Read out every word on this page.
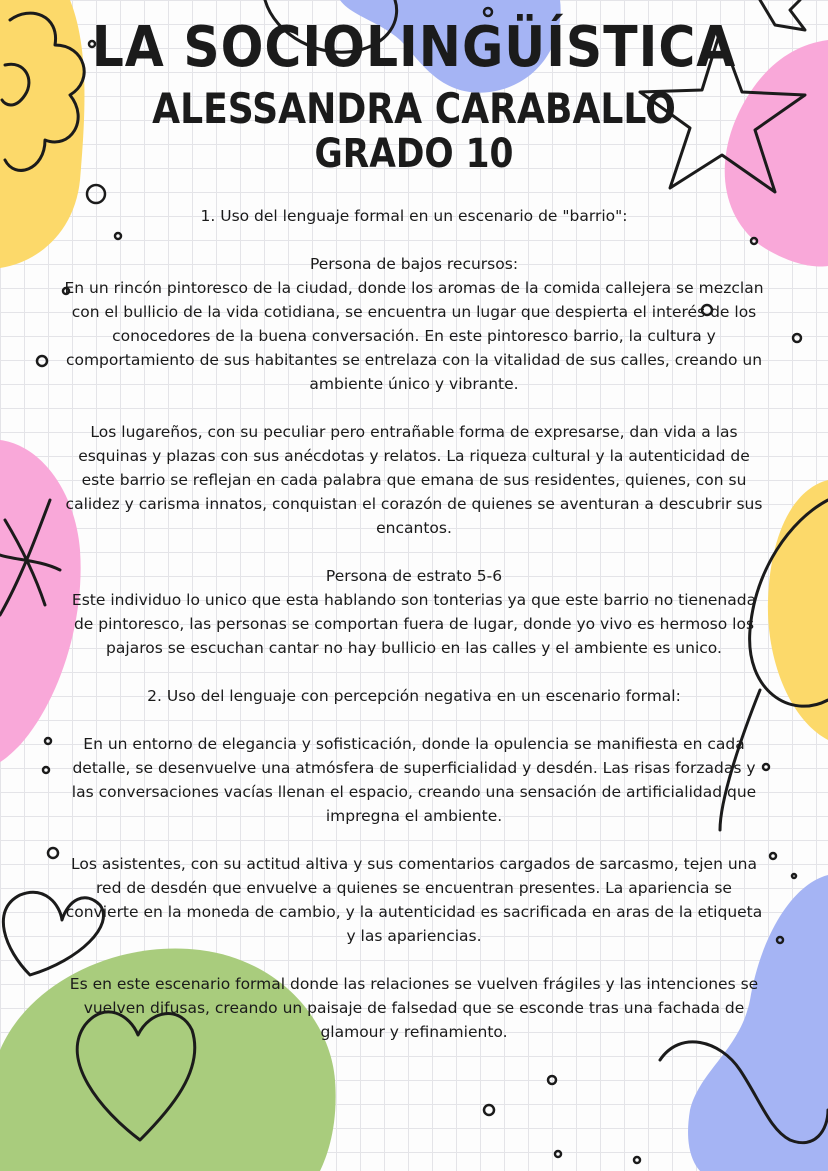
LA SOCIOLINGÜÍSTICA
ALESSANDRA CARABALLO
GRADO 10

1. Uso del lenguaje formal en un escenario de "barrio":

Persona de bajos recursos:

En un rincón pintoresco de la ciudad, donde los aromas de la comida callejera se mezclan con el bullicio de la vida cotidiana, se encuentra un lugar que despierta el interés de los conocedores de la buena conversación. En este pintoresco barrio, la cultura y comportamiento de sus habitantes se entrelaza con la vitalidad de sus calles, creando un ambiente único y vibrante.

Los lugareños, con su peculiar pero entrañable forma de expresarse, dan vida a las esquinas y plazas con sus anécdotas y relatos. La riqueza cultural y la autenticidad de este barrio se reflejan en cada palabra que emana de sus residentes, quienes, con su calidez y carisma innatos, conquistan el corazón de quienes se aventuran a descubrir sus encantos.

Persona de estrato 5-6

Este individuo lo unico que esta hablando son tonterias ya que este barrio no tienenada de pintoresco, las personas se comportan fuera de lugar, donde yo vivo es hermoso los pajaros se escuchan cantar no hay bullicio en las calles y el ambiente es unico.

2. Uso del lenguaje con percepción negativa en un escenario formal:

En un entorno de elegancia y sofisticación, donde la opulencia se manifiesta en cada detalle, se desenvuelve una atmósfera de superficialidad y desdén. Las risas forzadas y las conversaciones vacías llenan el espacio, creando una sensación de artificialidad que impregna el ambiente.

Los asistentes, con su actitud altiva y sus comentarios cargados de sarcasmo, tejen una red de desdén que envuelve a quienes se encuentran presentes. La apariencia se convierte en la moneda de cambio, y la autenticidad es sacrificada en aras de la etiqueta y las apariencias.

Es en este escenario formal donde las relaciones se vuelven frágiles y las intenciones se vuelven difusas, creando un paisaje de falsedad que se esconde tras una fachada de glamour y refinamiento.
